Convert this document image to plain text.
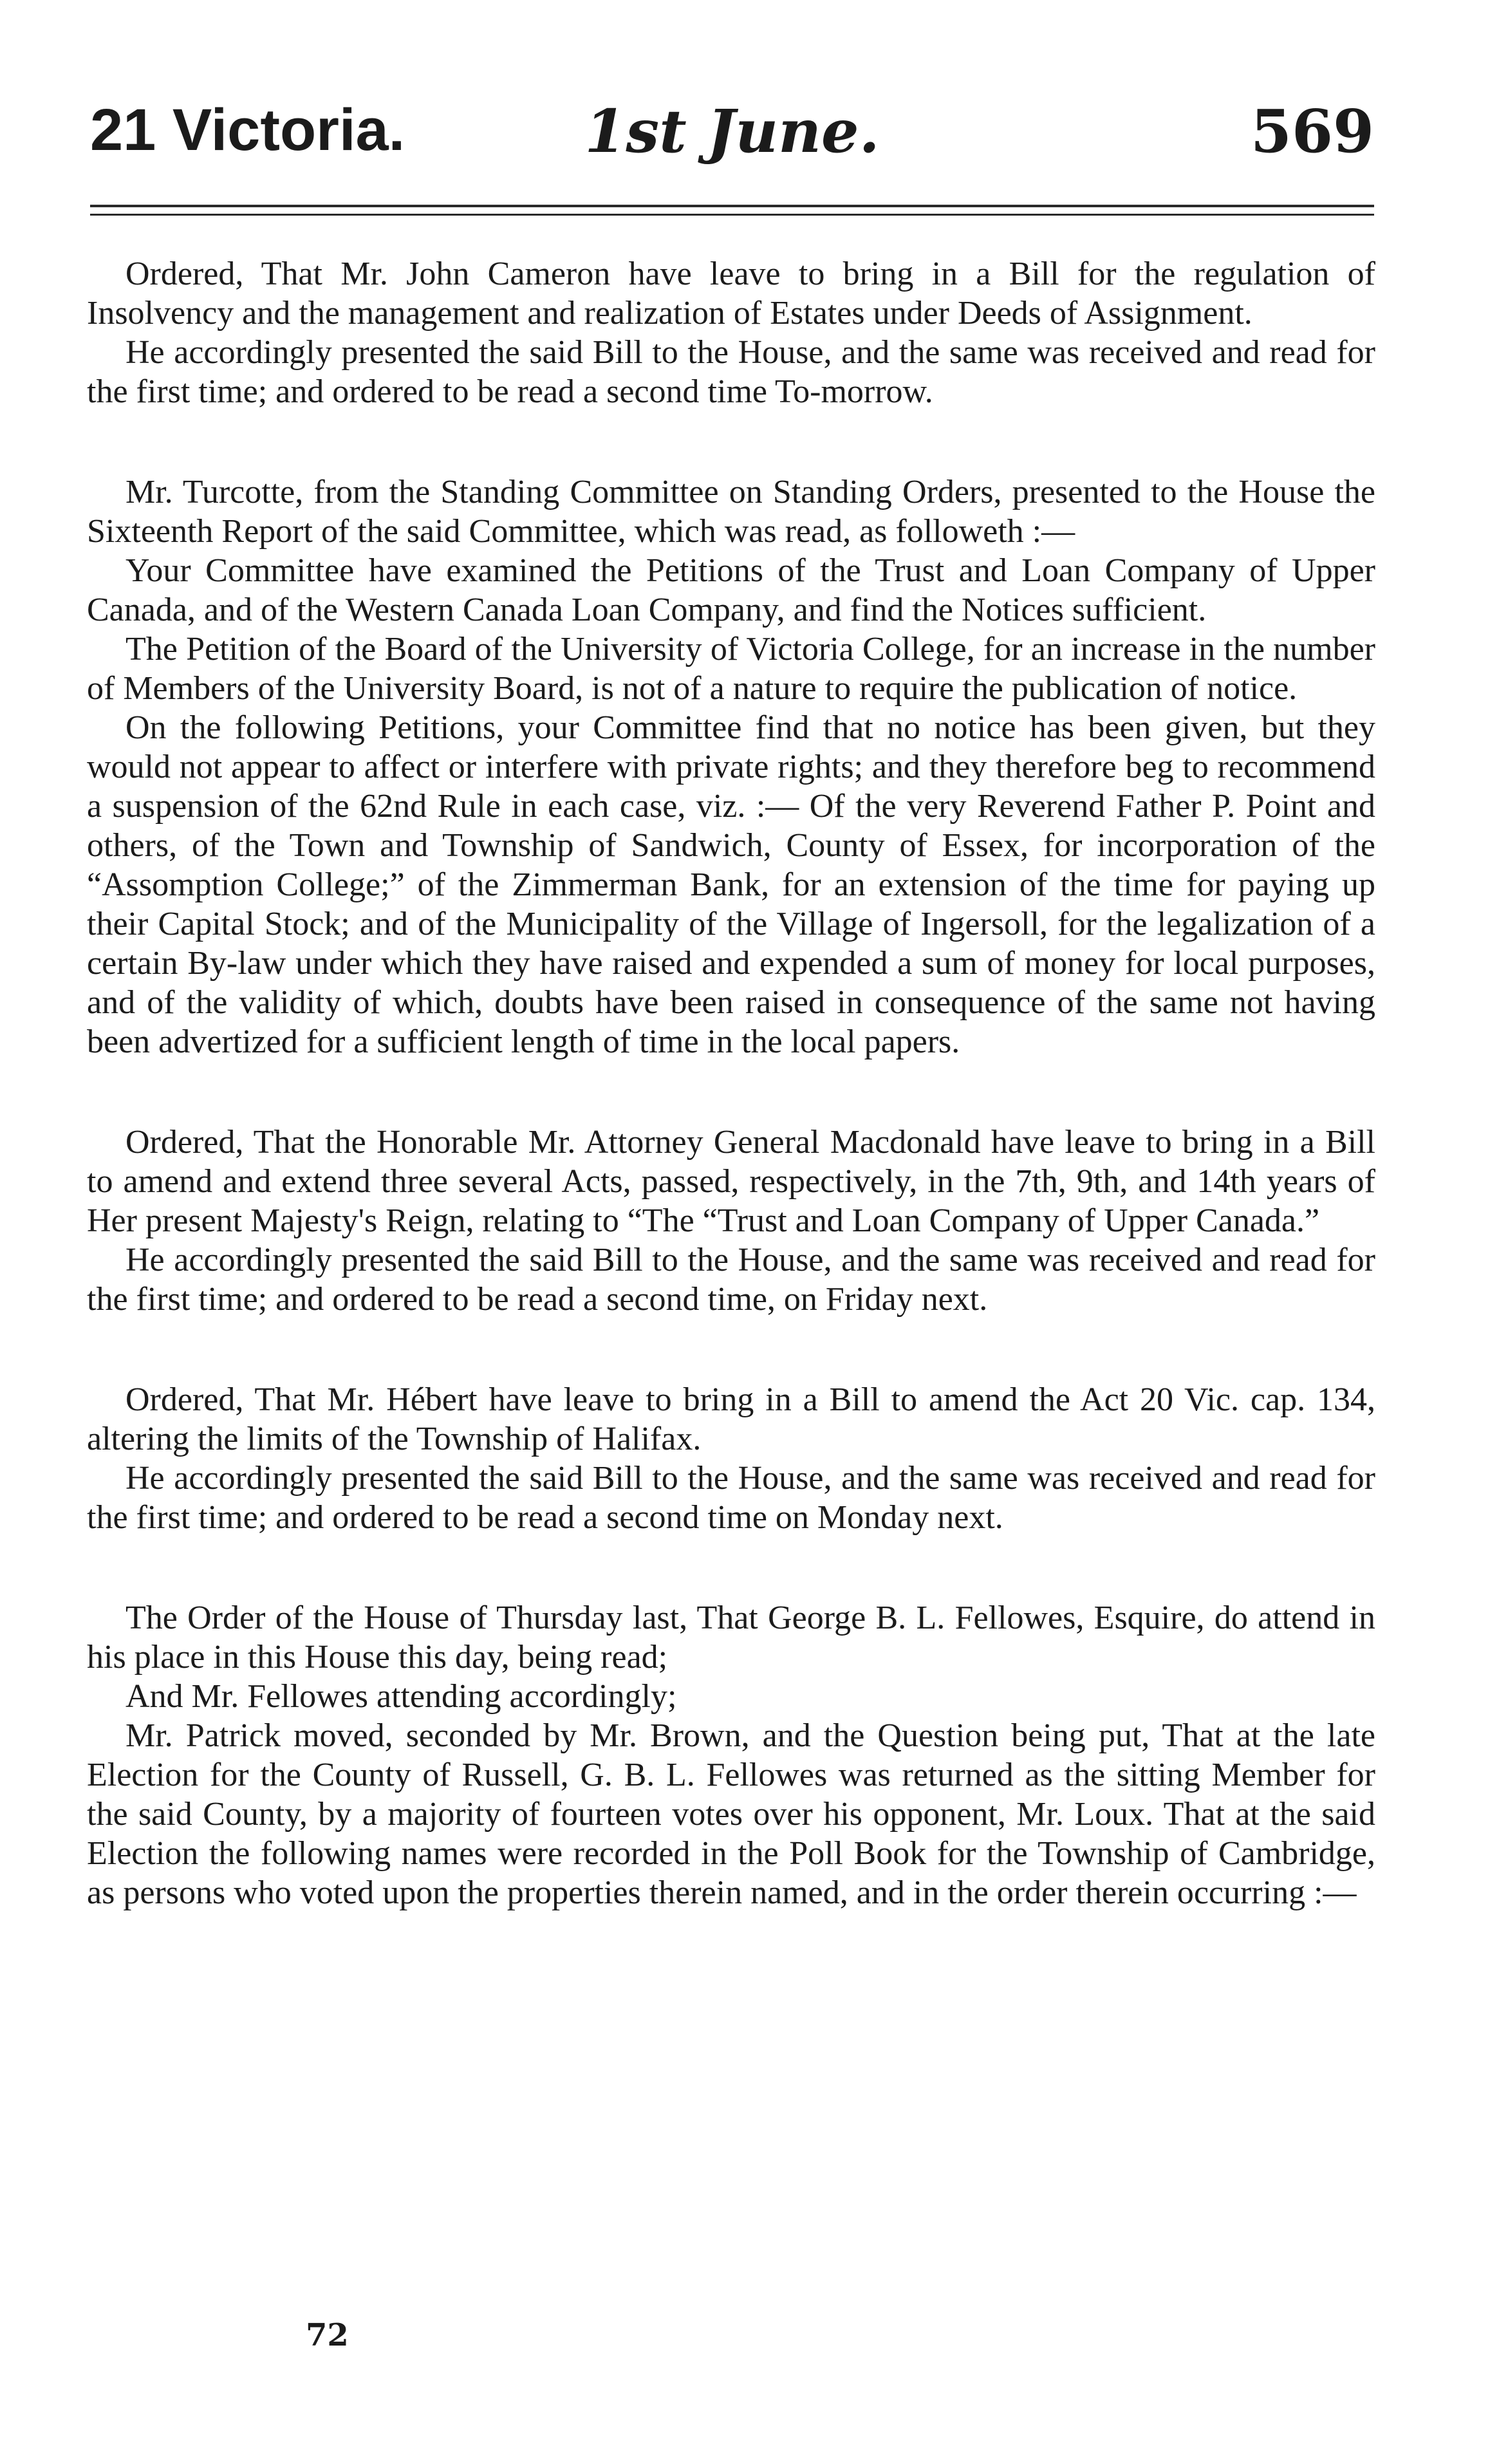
21 Victoria.	1st June.	569

Ordered, That Mr. John Cameron have leave to bring in a Bill for the regulation of Insolvency and the management and realization of Estates under Deeds of Assignment.

He accordingly presented the said Bill to the House, and the same was received and read for the first time; and ordered to be read a second time To-morrow.

Mr. Turcotte, from the Standing Committee on Standing Orders, presented to the House the Sixteenth Report of the said Committee, which was read, as followeth :—

Your Committee have examined the Petitions of the Trust and Loan Company of Upper Canada, and of the Western Canada Loan Company, and find the Notices sufficient.

The Petition of the Board of the University of Victoria College, for an increase in the number of Members of the University Board, is not of a nature to require the publication of notice.

On the following Petitions, your Committee find that no notice has been given, but they would not appear to affect or interfere with private rights; and they therefore beg to recommend a suspension of the 62nd Rule in each case, viz. :— Of the very Reverend Father P. Point and others, of the Town and Township of Sandwich, County of Essex, for incorporation of the “Assomption College;” of the Zimmerman Bank, for an extension of the time for paying up their Capital Stock; and of the Municipality of the Village of Ingersoll, for the legalization of a certain By-law under which they have raised and expended a sum of money for local purposes, and of the validity of which, doubts have been raised in consequence of the same not having been advertized for a sufficient length of time in the local papers.

Ordered, That the Honorable Mr. Attorney General Macdonald have leave to bring in a Bill to amend and extend three several Acts, passed, respectively, in the 7th, 9th, and 14th years of Her present Majesty's Reign, relating to “The “Trust and Loan Company of Upper Canada.”

He accordingly presented the said Bill to the House, and the same was received and read for the first time; and ordered to be read a second time, on Friday next.

Ordered, That Mr. Hébert have leave to bring in a Bill to amend the Act 20 Vic. cap. 134, altering the limits of the Township of Halifax.

He accordingly presented the said Bill to the House, and the same was received and read for the first time; and ordered to be read a second time on Monday next.

The Order of the House of Thursday last, That George B. L. Fellowes, Esquire, do attend in his place in this House this day, being read;

And Mr. Fellowes attending accordingly;

Mr. Patrick moved, seconded by Mr. Brown, and the Question being put, That at the late Election for the County of Russell, G. B. L. Fellowes was returned as the sitting Member for the said County, by a majority of fourteen votes over his opponent, Mr. Loux. That at the said Election the following names were recorded in the Poll Book for the Township of Cambridge, as persons who voted upon the properties therein named, and in the order therein occurring :—

72
